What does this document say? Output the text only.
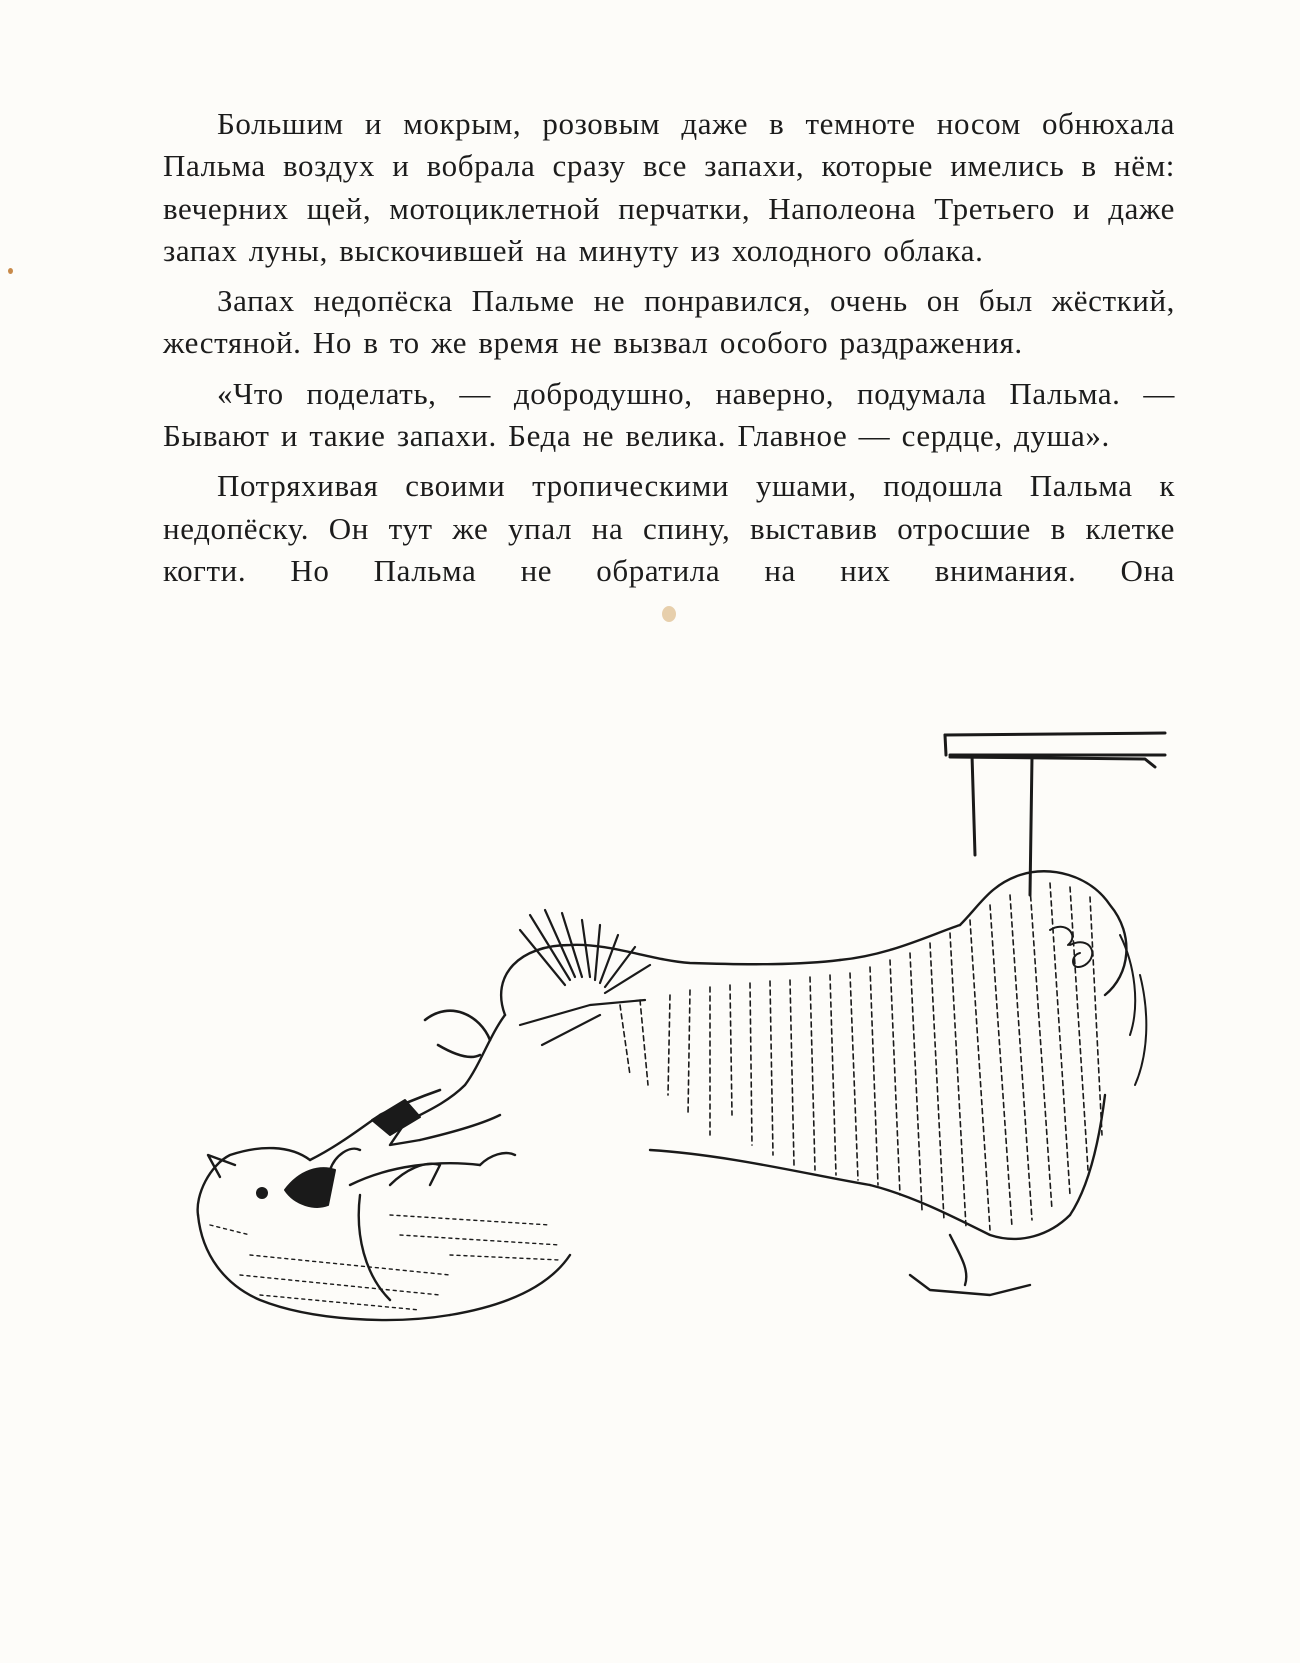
Большим и мокрым, розовым даже в темноте носом обнюхала Пальма воздух и вобрала сразу все запахи, которые имелись в нём: вечерних щей, мотоциклетной перчатки, Наполеона Третьего и даже запах луны, выскочившей на минуту из холодного облака.

Запах недопёска Пальме не понравился, очень он был жёсткий, жестяной. Но в то же время не вызвал особого раздражения.

«Что поделать, — добродушно, наверно, подумала Пальма. — Бывают и такие запахи. Беда не велика. Главное — сердце, душа».

Потряхивая своими тропическими ушами, подошла Пальма к недопёску. Он тут же упал на спину, выставив отросшие в клетке когти. Но Пальма не обратила на них внимания. Она
